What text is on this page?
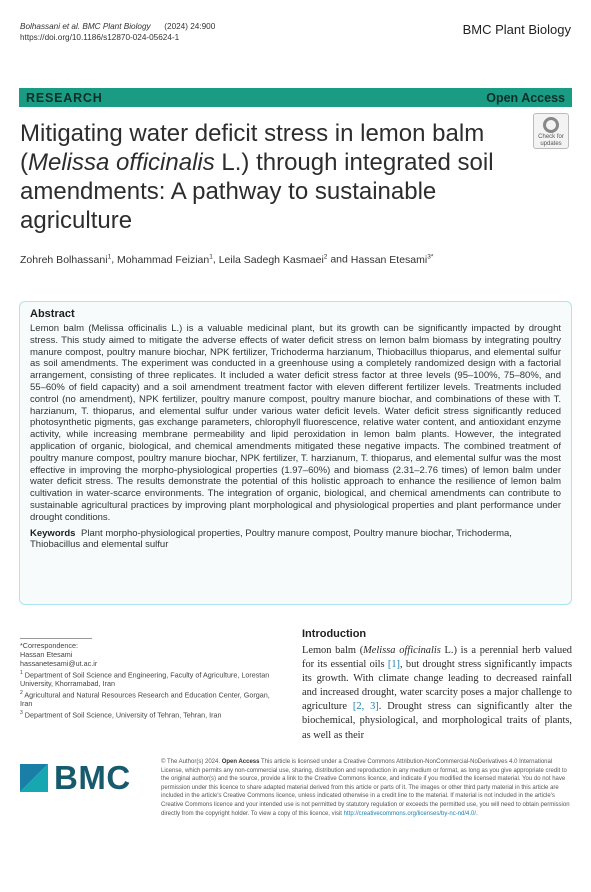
Bolhassani et al. BMC Plant Biology (2024) 24:900
https://doi.org/10.1186/s12870-024-05624-1	BMC Plant Biology
RESEARCH	Open Access
Mitigating water deficit stress in lemon balm (Melissa officinalis L.) through integrated soil amendments: A pathway to sustainable agriculture
Check for
updates
Zohreh Bolhassani$^1$, Mohammad Feizian$^1$, Leila Sadegh Kasmaei$^2$ and Hassan Etesami$^{3*}$
Abstract
Lemon balm (Melissa officinalis L.) is a valuable medicinal plant, but its growth can be significantly impacted by drought stress. This study aimed to mitigate the adverse effects of water deficit stress on lemon balm biomass by integrating poultry manure compost, poultry manure biochar, NPK fertilizer, Trichoderma harzianum, Thiobacillus thioparus, and elemental sulfur as soil amendments. The experiment was conducted in a greenhouse using a completely randomized design with a factorial arrangement, consisting of three replicates. It included a water deficit stress factor at three levels (95–100%, 75–80%, and 55–60% of field capacity) and a soil amendment treatment factor with eleven different fertilizer levels. Treatments included control (no amendment), NPK fertilizer, poultry manure compost, poultry manure biochar, and combinations of these with T. harzianum, T. thioparus, and elemental sulfur under various water deficit levels. Water deficit stress significantly reduced photosynthetic pigments, gas exchange parameters, chlorophyll fluorescence, relative water content, and antioxidant enzyme activity, while increasing membrane permeability and lipid peroxidation in lemon balm plants. However, the integrated application of organic, biological, and chemical amendments mitigated these negative impacts. The combined treatment of poultry manure compost, poultry manure biochar, NPK fertilizer, T. harzianum, T. thioparus, and elemental sulfur was the most effective in improving the morpho-physiological properties (1.97–60%) and biomass (2.31–2.76 times) of lemon balm under water deficit stress. The results demonstrate the potential of this holistic approach to enhance the resilience of lemon balm cultivation in water-scarce environments. The integration of organic, biological, and chemical amendments can contribute to sustainable agricultural practices by improving plant morphological and physiological properties and plant performance under drought conditions.
Keywords Plant morpho-physiological properties, Poultry manure compost, Poultry manure biochar, Trichoderma, Thiobacillus and elemental sulfur
*Correspondence:
Hassan Etesami
hassanetesami@ut.ac.ir
$^1$ Department of Soil Science and Engineering, Faculty of Agriculture, Lorestan University, Khorramabad, Iran
$^2$ Agricultural and Natural Resources Research and Education Center, Gorgan, Iran
$^3$ Department of Soil Science, University of Tehran, Tehran, Iran
Introduction
Lemon balm (Melissa officinalis L.) is a perennial herb valued for its essential oils [1], but drought stress significantly impacts its growth. With climate change leading to decreased rainfall and increased drought, water scarcity poses a major challenge to agriculture [2, 3]. Drought stress can significantly alter the biochemical, physiological, and morphological traits of plants, as well as their
BMC	© The Author(s) 2024. Open Access This article is licensed under a Creative Commons Attribution-NonCommercial-NoDerivatives 4.0 International License, which permits any non-commercial use, sharing, distribution and reproduction in any medium or format, as long as you give appropriate credit to the original author(s) and the source, provide a link to the Creative Commons licence, and indicate if you modified the licensed material. You do not have permission under this licence to share adapted material derived from this article or parts of it. The images or other third party material in this article are included in the article's Creative Commons licence, unless indicated otherwise in a credit line to the material. If material is not included in the article's Creative Commons licence and your intended use is not permitted by statutory regulation or exceeds the permitted use, you will need to obtain permission directly from the copyright holder. To view a copy of this licence, visit http://creativecommons.org/licenses/by-nc-nd/4.0/.
